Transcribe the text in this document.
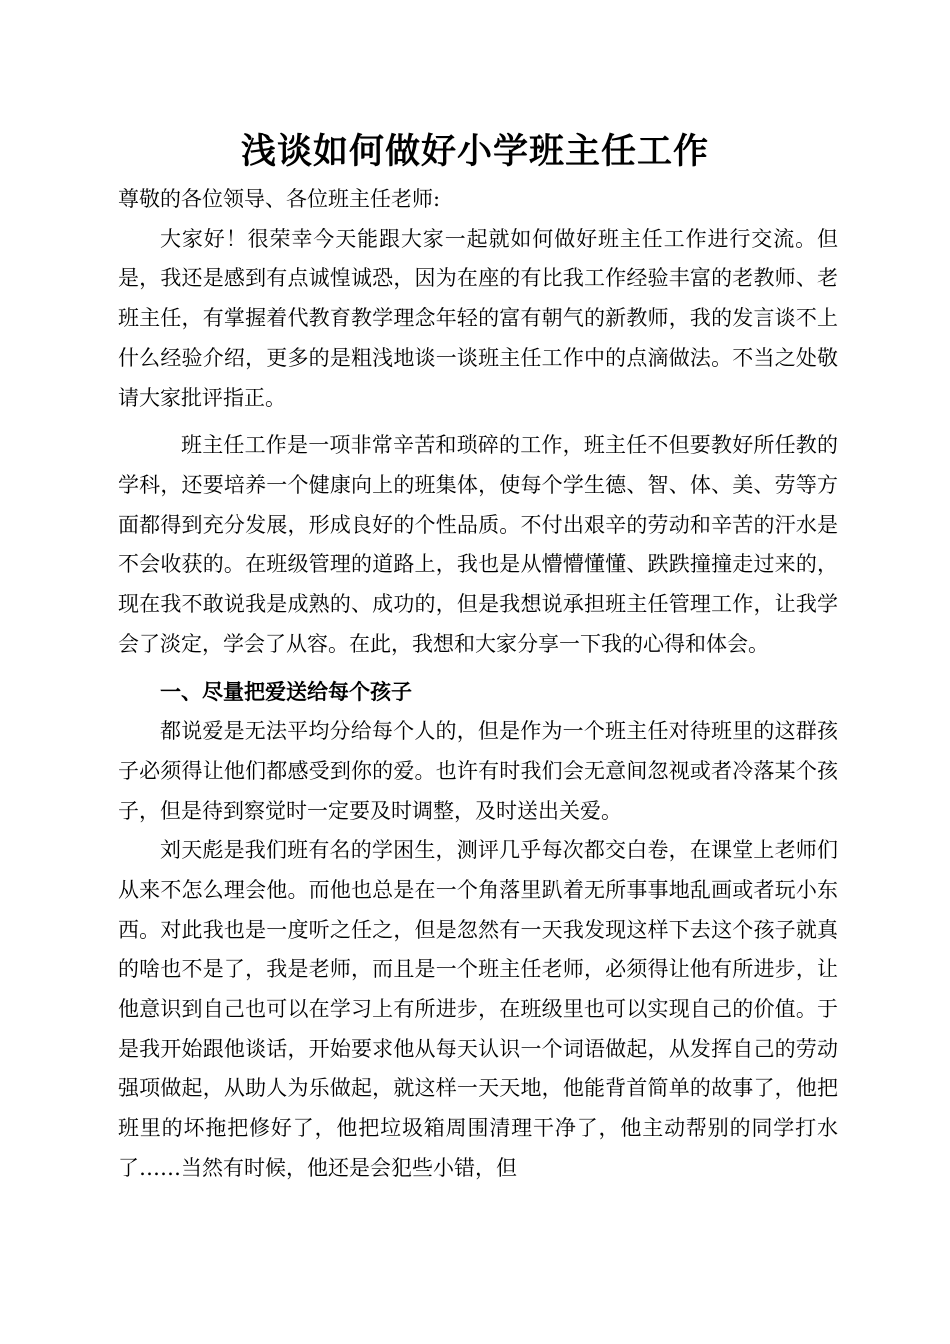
浅谈如何做好小学班主任工作

尊敬的各位领导、各位班主任老师:

大家好！很荣幸今天能跟大家一起就如何做好班主任工作进行交流。但是，我还是感到有点诚惶诚恐，因为在座的有比我工作经验丰富的老教师、老班主任，有掌握着代教育教学理念年轻的富有朝气的新教师，我的发言谈不上什么经验介绍，更多的是粗浅地谈一谈班主任工作中的点滴做法。不当之处敬请大家批评指正。

班主任工作是一项非常辛苦和琐碎的工作，班主任不但要教好所任教的学科，还要培养一个健康向上的班集体，使每个学生德、智、体、美、劳等方面都得到充分发展，形成良好的个性品质。不付出艰辛的劳动和辛苦的汗水是不会收获的。在班级管理的道路上，我也是从懵懵懂懂、跌跌撞撞走过来的，现在我不敢说我是成熟的、成功的，但是我想说承担班主任管理工作，让我学会了淡定，学会了从容。在此，我想和大家分享一下我的心得和体会。

一、尽量把爱送给每个孩子

都说爱是无法平均分给每个人的，但是作为一个班主任对待班里的这群孩子必须得让他们都感受到你的爱。也许有时我们会无意间忽视或者冷落某个孩子，但是待到察觉时一定要及时调整，及时送出关爱。

刘天彪是我们班有名的学困生，测评几乎每次都交白卷，在课堂上老师们从来不怎么理会他。而他也总是在一个角落里趴着无所事事地乱画或者玩小东西。对此我也是一度听之任之，但是忽然有一天我发现这样下去这个孩子就真的啥也不是了，我是老师，而且是一个班主任老师，必须得让他有所进步，让他意识到自己也可以在学习上有所进步，在班级里也可以实现自己的价值。于是我开始跟他谈话，开始要求他从每天认识一个词语做起，从发挥自己的劳动强项做起，从助人为乐做起，就这样一天天地，他能背首简单的故事了，他把班里的坏拖把修好了，他把垃圾箱周围清理干净了，他主动帮别的同学打水了……当然有时候，他还是会犯些小错，但
